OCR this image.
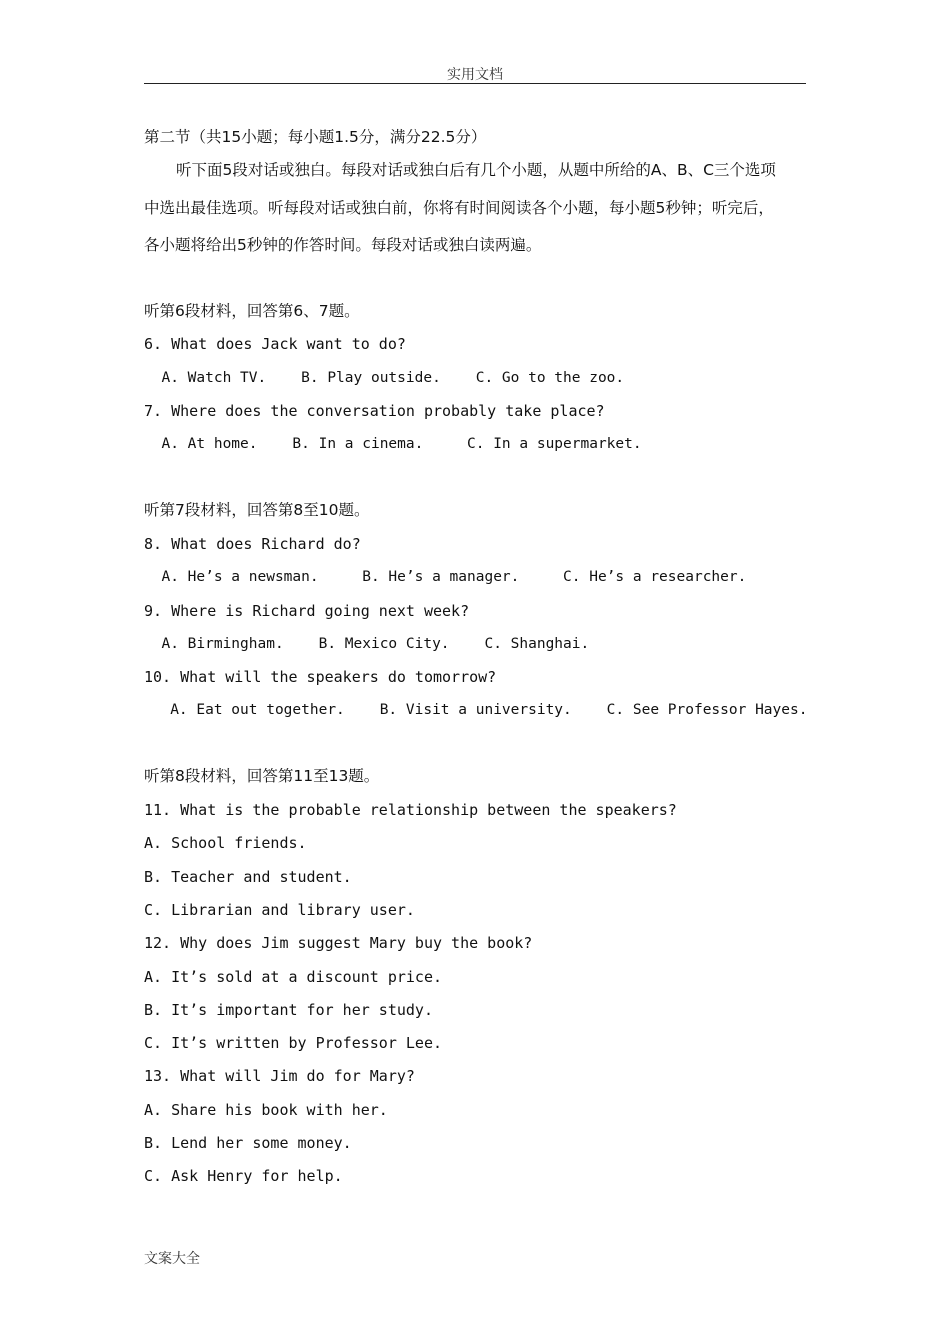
实用文档
第二节（共15小题；每小题1.5分，满分22.5分）
听下面5段对话或独白。每段对话或独白后有几个小题，从题中所给的A、B、C三个选项
中选出最佳选项。听每段对话或独白前，你将有时间阅读各个小题，每小题5秒钟；听完后，
各小题将给出5秒钟的作答时间。每段对话或独白读两遍。
听第6段材料，回答第6、7题。
6. What does Jack want to do?
A. Watch TV.    B. Play outside.    C. Go to the zoo.
7. Where does the conversation probably take place?
A. At home.    B. In a cinema.     C. In a supermarket.
听第7段材料，回答第8至10题。
8. What does Richard do?
A. He’s a newsman.     B. He’s a manager.     C. He’s a researcher.
9. Where is Richard going next week?
A. Birmingham.    B. Mexico City.    C. Shanghai.
10. What will the speakers do tomorrow?
A. Eat out together.    B. Visit a university.    C. See Professor Hayes.
听第8段材料，回答第11至13题。
11. What is the probable relationship between the speakers?
A. School friends.
B. Teacher and student.
C. Librarian and library user.
12. Why does Jim suggest Mary buy the book?
A. It’s sold at a discount price.
B. It’s important for her study.
C. It’s written by Professor Lee.
13. What will Jim do for Mary?
A. Share his book with her.
B. Lend her some money.
C. Ask Henry for help.
文案大全
